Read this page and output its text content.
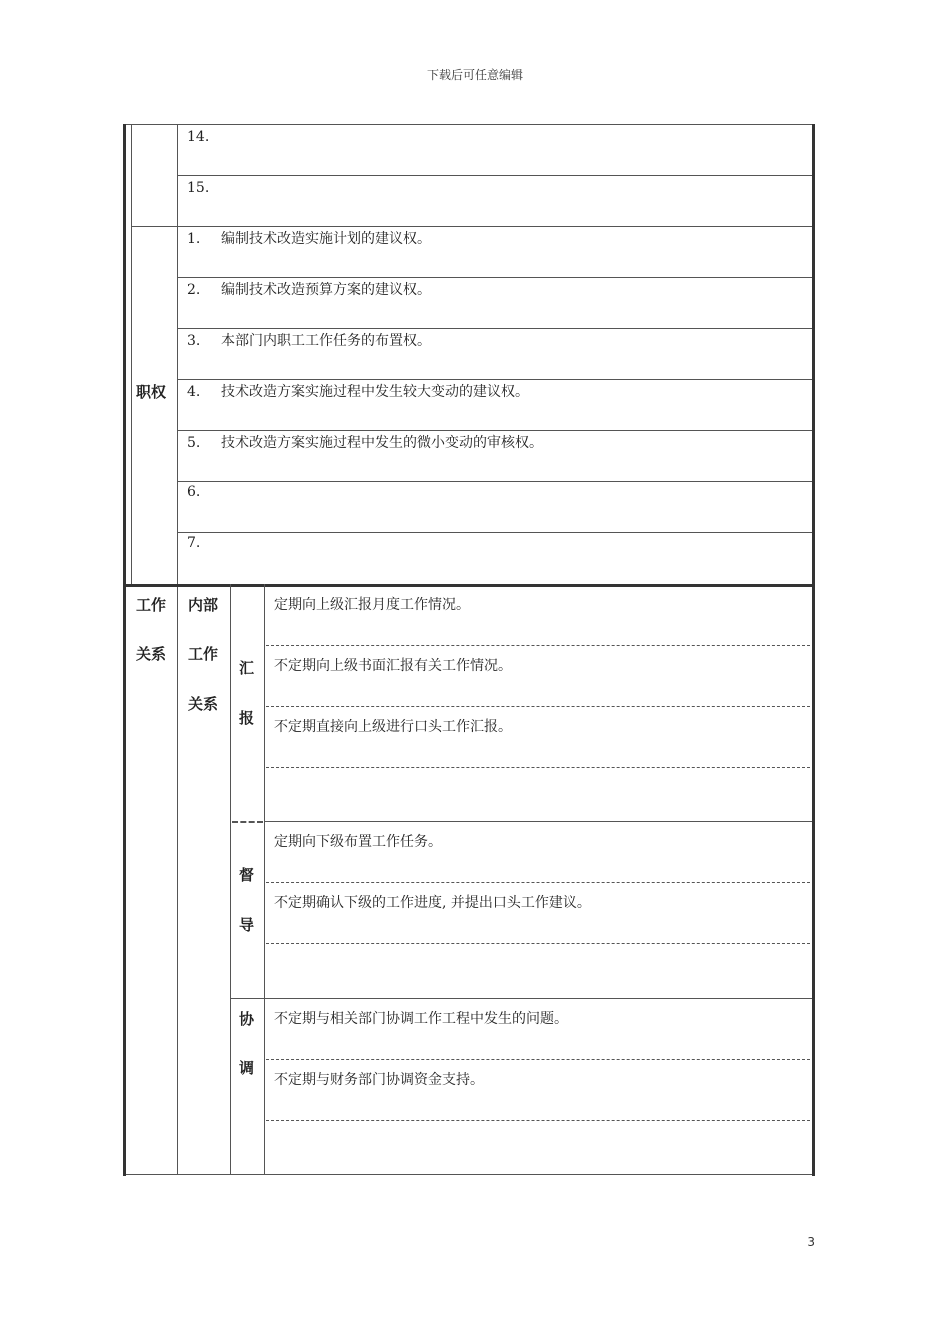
下载后可任意编辑
14.
15.
职权
1. 编制技术改造实施计划的建议权。
2. 编制技术改造预算方案的建议权。
3. 本部门内职工工作任务的布置权。
4. 技术改造方案实施过程中发生较大变动的建议权。
5. 技术改造方案实施过程中发生的微小变动的审核权。
6.
7.
工作
关系
内部
工作
关系
汇
报
定期向上级汇报月度工作情况。
不定期向上级书面汇报有关工作情况。
不定期直接向上级进行口头工作汇报。
督
导
定期向下级布置工作任务。
不定期确认下级的工作进度, 并提出口头工作建议。
协
调
不定期与相关部门协调工作工程中发生的问题。
不定期与财务部门协调资金支持。
3
